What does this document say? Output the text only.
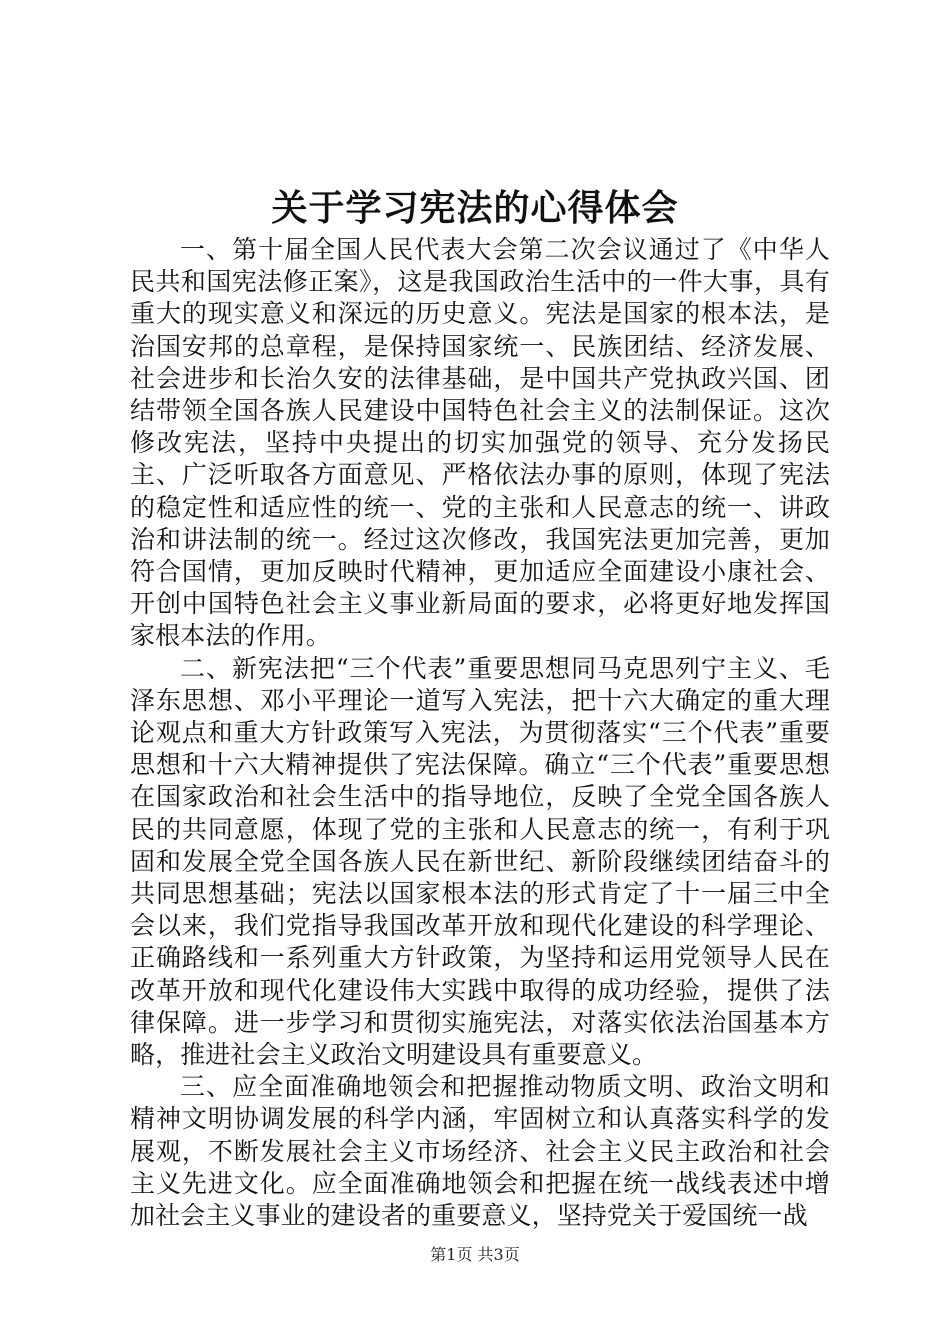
关于学习宪法的心得体会

一、第十届全国人民代表大会第二次会议通过了《中华人民共和国宪法修正案》，这是我国政治生活中的一件大事，具有重大的现实意义和深远的历史意义。宪法是国家的根本法，是治国安邦的总章程，是保持国家统一、民族团结、经济发展、社会进步和长治久安的法律基础，是中国共产党执政兴国、团结带领全国各族人民建设中国特色社会主义的法制保证。这次修改宪法，坚持中央提出的切实加强党的领导、充分发扬民主、广泛听取各方面意见、严格依法办事的原则，体现了宪法的稳定性和适应性的统一、党的主张和人民意志的统一、讲政治和讲法制的统一。经过这次修改，我国宪法更加完善，更加符合国情，更加反映时代精神，更加适应全面建设小康社会、开创中国特色社会主义事业新局面的要求，必将更好地发挥国家根本法的作用。

二、新宪法把“三个代表”重要思想同马克思列宁主义、毛泽东思想、邓小平理论一道写入宪法，把十六大确定的重大理论观点和重大方针政策写入宪法，为贯彻落实“三个代表”重要思想和十六大精神提供了宪法保障。确立“三个代表”重要思想在国家政治和社会生活中的指导地位，反映了全党全国各族人民的共同意愿，体现了党的主张和人民意志的统一，有利于巩固和发展全党全国各族人民在新世纪、新阶段继续团结奋斗的共同思想基础；宪法以国家根本法的形式肯定了十一届三中全会以来，我们党指导我国改革开放和现代化建设的科学理论、正确路线和一系列重大方针政策，为坚持和运用党领导人民在改革开放和现代化建设伟大实践中取得的成功经验，提供了法律保障。进一步学习和贯彻实施宪法，对落实依法治国基本方略，推进社会主义政治文明建设具有重要意义。

三、应全面准确地领会和把握推动物质文明、政治文明和精神文明协调发展的科学内涵，牢固树立和认真落实科学的发展观，不断发展社会主义市场经济、社会主义民主政治和社会主义先进文化。应全面准确地领会和把握在统一战线表述中增加社会主义事业的建设者的重要意义，坚持党关于爱国统一战

第1页 共3页
